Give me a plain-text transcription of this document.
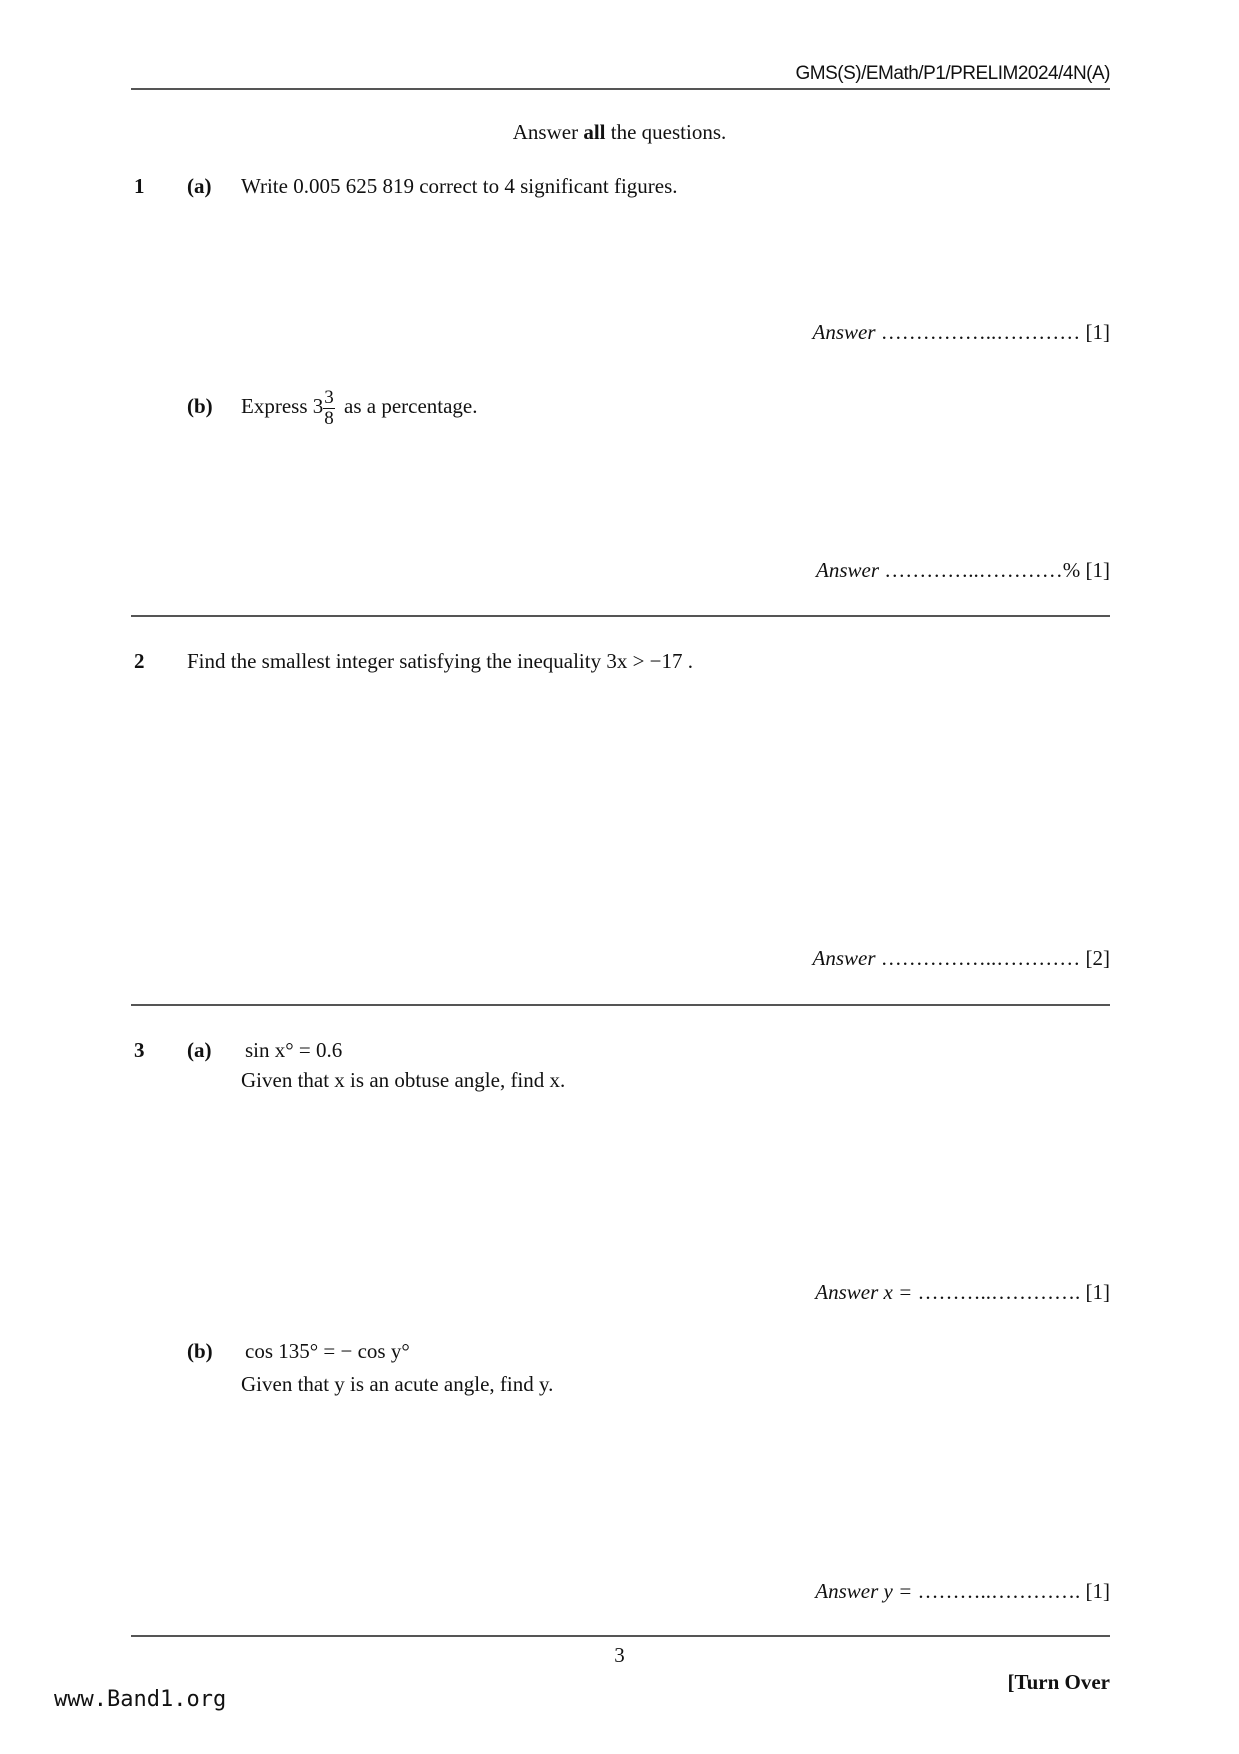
GMS(S)/EMath/P1/PRELIM2024/4N(A)
Answer all the questions.
1 (a) Write 0.005 625 819 correct to 4 significant figures.
Answer ……………..………… [1]
(b) Express $3 \frac{3}{8}$ as a percentage.
Answer …………..…………% [1]
2 Find the smallest integer satisfying the inequality 3x > −17 .
Answer ……………..………… [2]
3 (a) sin x° = 0.6
Given that x is an obtuse angle, find x.
Answer x = ………..…………. [1]
(b) cos 135° = − cos y°
Given that y is an acute angle, find y.
Answer y = ………..…………. [1]
3
[Turn Over
www.Band1.org
